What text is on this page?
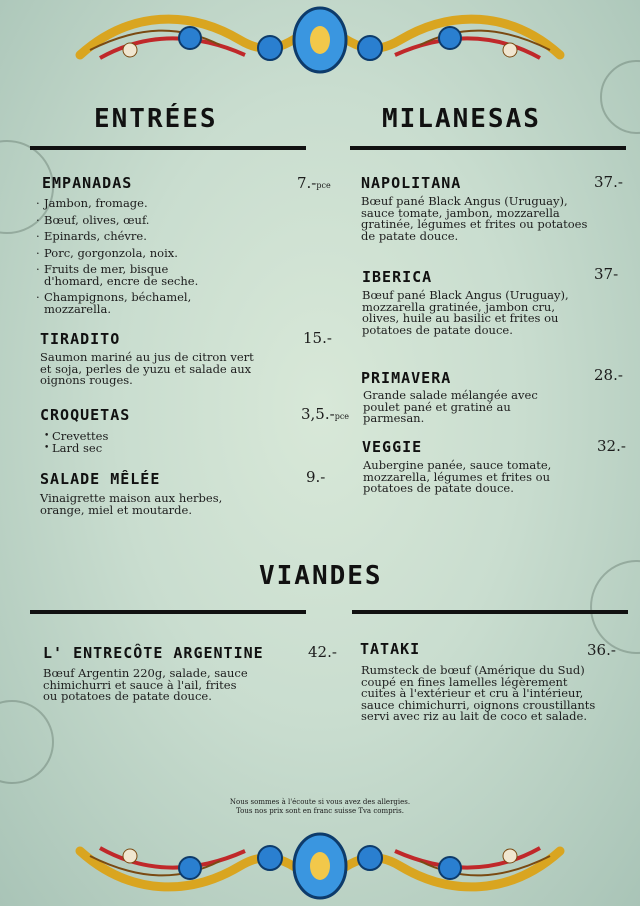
ENTRÉES
EMPANADAS	7.-pce
· Jambon, fromage.
· Bœuf, olives, œuf.
· Epinards, chévre.
· Porc, gorgonzola, noix.
· Fruits de mer, bisque d'homard, encre de seche.
· Champignons, béchamel, mozzarella.
TIRADITO	15.-
Saumon mariné au jus de citron vert et soja, perles de yuzu et salade aux oignons rouges.
CROQUETAS	3,5.-pce
• Crevettes
• Lard sec
SALADE MÊLÉE	9.-
Vinaigrette maison aux herbes, orange, miel et moutarde.
MILANESAS
NAPOLITANA	37.-
Bœuf pané Black Angus (Uruguay), sauce tomate, jambon, mozzarella gratinée, légumes et frites ou potatoes de patate douce.
IBERICA	37-
Bœuf pané Black Angus (Uruguay), mozzarella gratinée, jambon cru, olives, huile au basilic et frites ou potatoes de patate douce.
PRIMAVERA	28.-
Grande salade mélangée avec poulet pané et gratiné au parmesan.
VEGGIE	32.-
Aubergine panée, sauce tomate, mozzarella, légumes et frites ou potatoes de patate douce.
VIANDES
L' ENTRECÔTE ARGENTINE	42.-
Bœuf Argentin 220g, salade, sauce chimichurri et sauce à l'ail, frites ou potatoes de patate douce.
TATAKI	36.-
Rumsteck de bœuf (Amérique du Sud) coupé en fines lamelles légèrement cuites à l'extérieur et cru à l'intérieur, sauce chimichurri, oignons croustillants servi avec riz au lait de coco et salade.
Nous sommes à l'écoute si vous avez des allergies.
Tous nos prix sont en franc suisse Tva compris.
